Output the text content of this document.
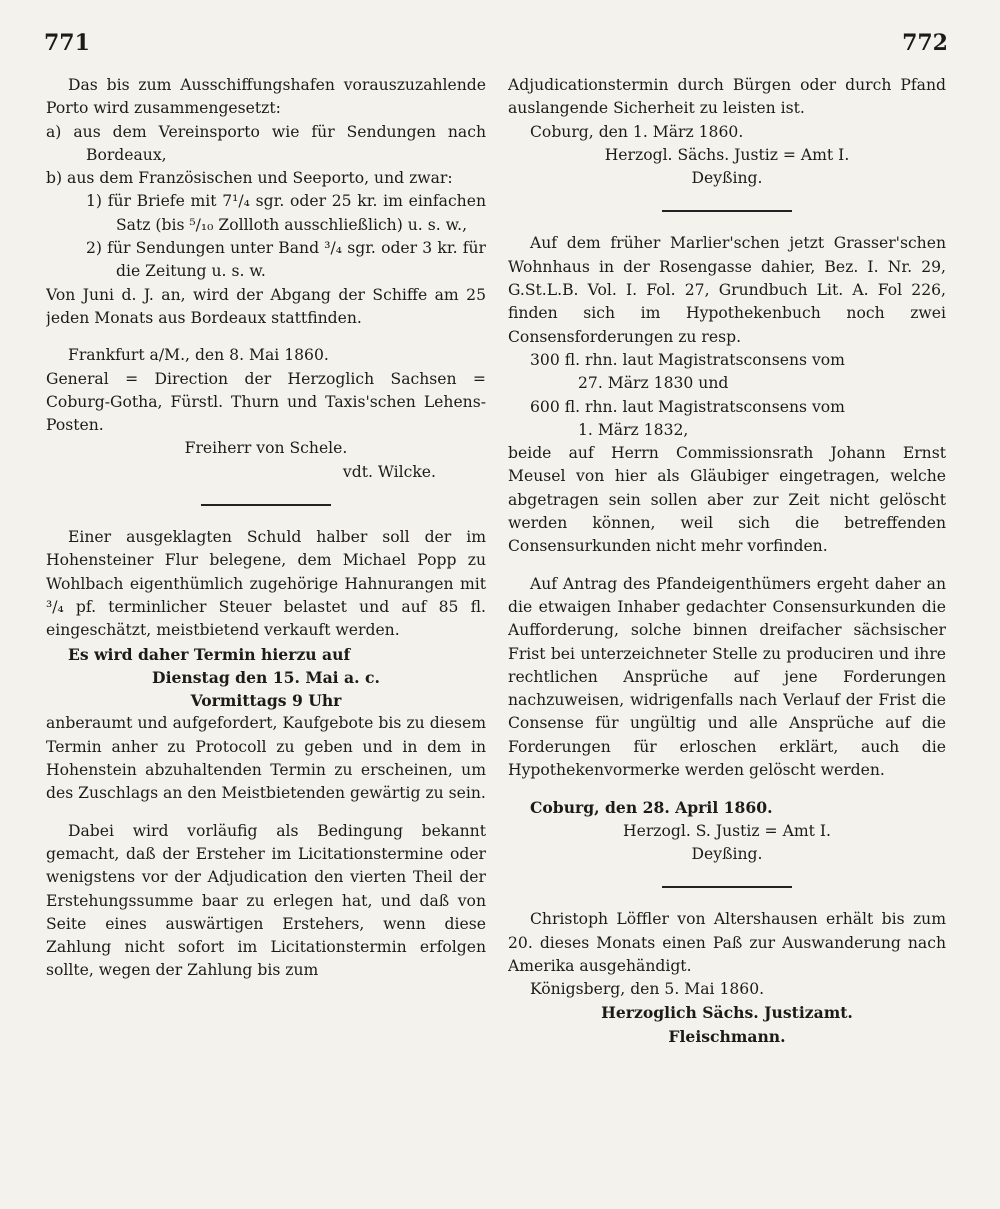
771	772

Das bis zum Ausschiffungshafen vorauszuzahlende Porto wird zusammengesetzt:

a) aus dem Vereinsporto wie für Sendungen nach Bordeaux,

b) aus dem Französischen und Seeporto, und zwar:

1) für Briefe mit 7¹/₄ sgr. oder 25 kr. im einfachen Satz (bis ⁵/₁₀ Zollloth ausschließlich) u. s. w.,

2) für Sendungen unter Band ³/₄ sgr. oder 3 kr. für die Zeitung u. s. w.

Von Juni d. J. an, wird der Abgang der Schiffe am 25 jeden Monats aus Bordeaux stattfinden.

Frankfurt a/M., den 8. Mai 1860.

General = Direction der Herzoglich Sachsen = Coburg-Gotha, Fürstl. Thurn und Taxis'schen Lehens-Posten.

Freiherr von Schele.

vdt. Wilcke.

Einer ausgeklagten Schuld halber soll der im Hohensteiner Flur belegene, dem Michael Popp zu Wohlbach eigenthümlich zugehörige Hahnurangen mit ³/₄ pf. terminlicher Steuer belastet und auf 85 fl. eingeschätzt, meistbietend verkauft werden.

Es wird daher Termin hierzu auf

Dienstag den 15. Mai a. c.

Vormittags 9 Uhr

anberaumt und aufgefordert, Kaufgebote bis zu diesem Termin anher zu Protocoll zu geben und in dem in Hohenstein abzuhaltenden Termin zu erscheinen, um des Zuschlags an den Meistbietenden gewärtig zu sein.

Dabei wird vorläufig als Bedingung bekannt gemacht, daß der Ersteher im Licitationstermine oder wenigstens vor der Adjudication den vierten Theil der Erstehungssumme baar zu erlegen hat, und daß von Seite eines auswärtigen Erstehers, wenn diese Zahlung nicht sofort im Licitationstermin erfolgen sollte, wegen der Zahlung bis zum

Adjudicationstermin durch Bürgen oder durch Pfand auslangende Sicherheit zu leisten ist.

Coburg, den 1. März 1860.

Herzogl. Sächs. Justiz = Amt I.

Deyßing.

Auf dem früher Marlier'schen jetzt Grasser'schen Wohnhaus in der Rosengasse dahier, Bez. I. Nr. 29, G.St.L.B. Vol. I. Fol. 27, Grundbuch Lit. A. Fol 226, finden sich im Hypothekenbuch noch zwei Consensforderungen zu resp.

300 fl. rhn. laut Magistratsconsens vom

27. März 1830 und

600 fl. rhn. laut Magistratsconsens vom

1. März 1832,

beide auf Herrn Commissionsrath Johann Ernst Meusel von hier als Gläubiger eingetragen, welche abgetragen sein sollen aber zur Zeit nicht gelöscht werden können, weil sich die betreffenden Consensurkunden nicht mehr vorfinden.

Auf Antrag des Pfandeigenthümers ergeht daher an die etwaigen Inhaber gedachter Consensurkunden die Aufforderung, solche binnen dreifacher sächsischer Frist bei unterzeichneter Stelle zu produciren und ihre rechtlichen Ansprüche auf jene Forderungen nachzuweisen, widrigenfalls nach Verlauf der Frist die Consense für ungültig und alle Ansprüche auf die Forderungen für erloschen erklärt, auch die Hypothekenvormerke werden gelöscht werden.

Coburg, den 28. April 1860.

Herzogl. S. Justiz = Amt I.

Deyßing.

Christoph Löffler von Altershausen erhält bis zum 20. dieses Monats einen Paß zur Auswanderung nach Amerika ausgehändigt.

Königsberg, den 5. Mai 1860.

Herzoglich Sächs. Justizamt.

Fleischmann.
